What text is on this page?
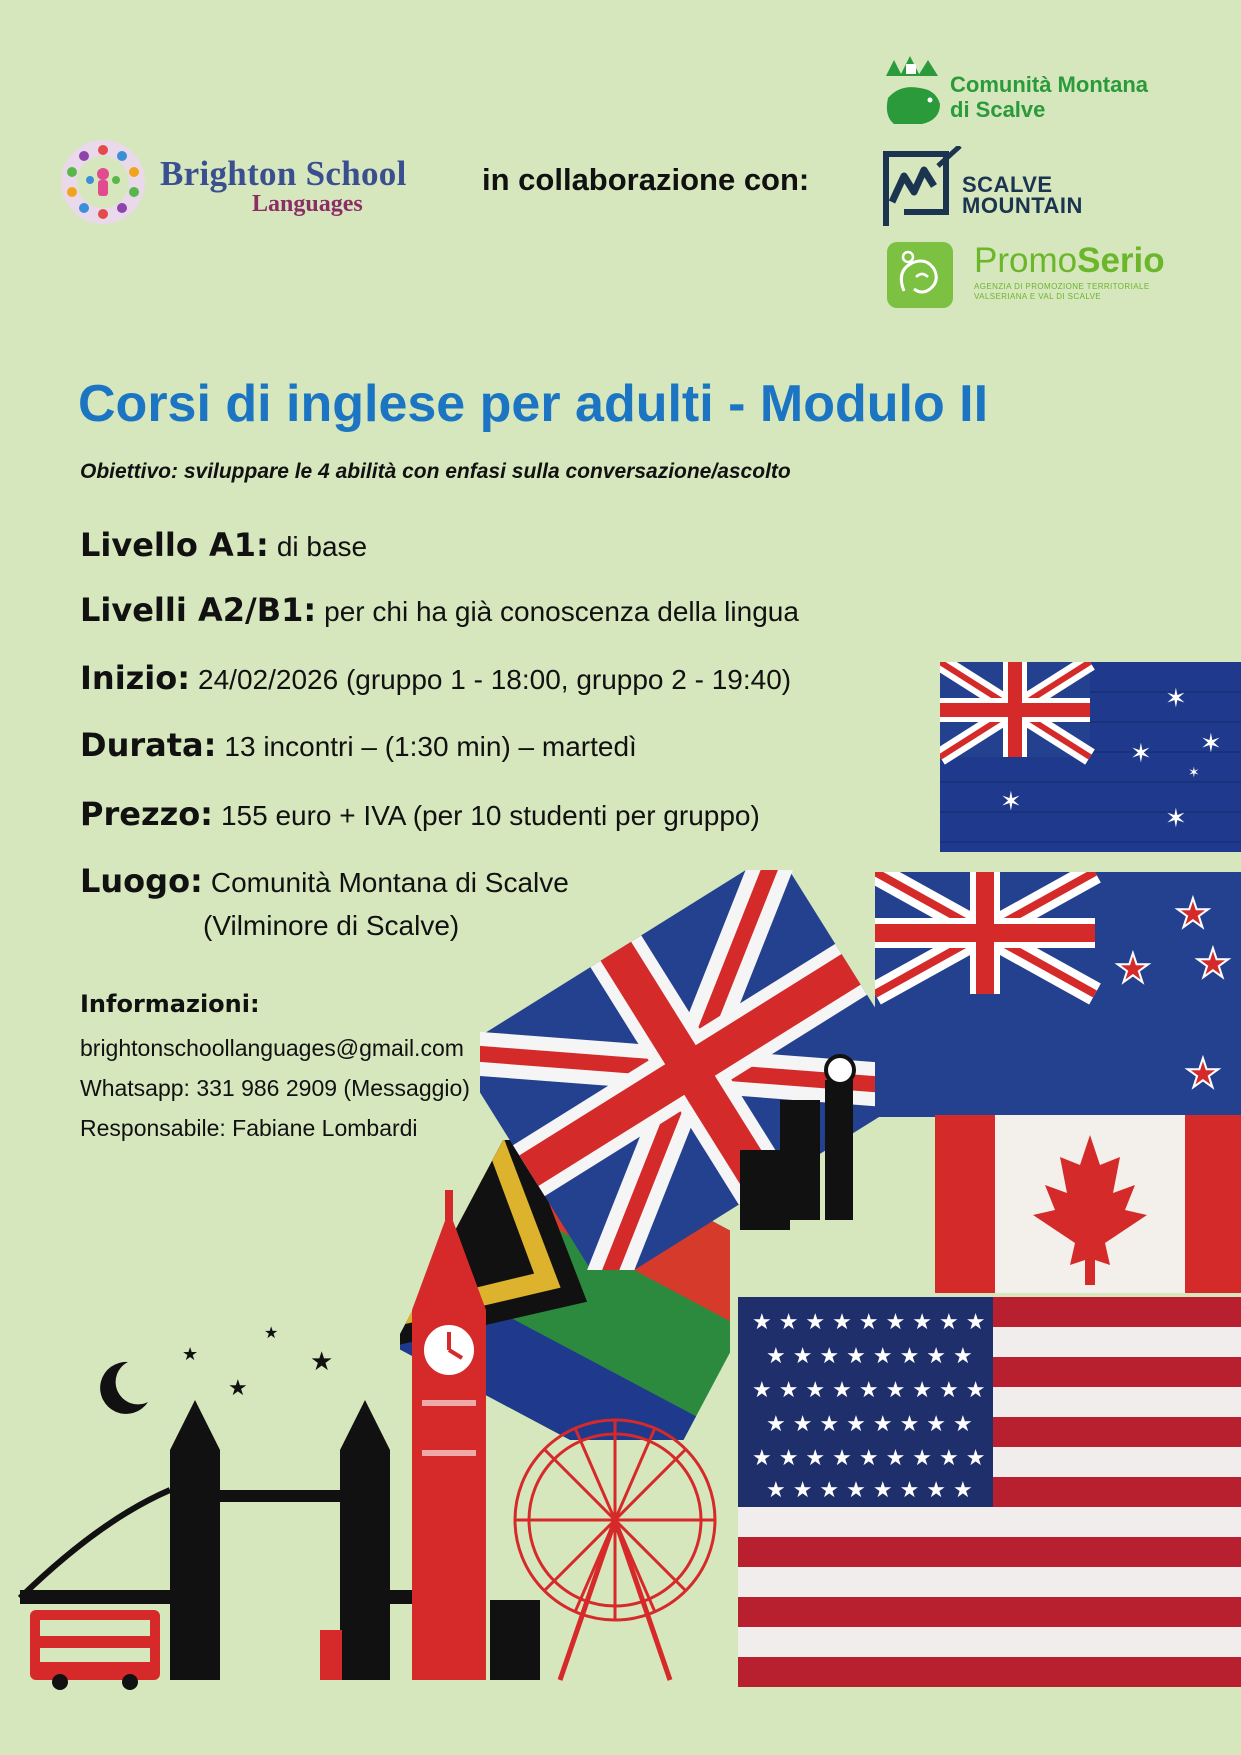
Brighton School
Languages
in collaborazione con:
Comunità Montana
di Scalve
SCALVE
MOUNTAIN
PromoSerio
AGENZIA DI PROMOZIONE TERRITORIALE
VALSERIANA E VAL DI SCALVE
Corsi di inglese per adulti - Modulo II
Obiettivo: sviluppare le 4 abilità con enfasi sulla conversazione/ascolto
Livello A1: di base
Livelli A2/B1: per chi ha già conoscenza della lingua
Inizio: 24/02/2026 (gruppo 1 - 18:00, gruppo 2 - 19:40)
Durata: 13 incontri – (1:30 min) – martedì
Prezzo: 155 euro + IVA (per 10 studenti per gruppo)
Luogo: Comunità Montana di Scalve
(Vilminore di Scalve)
Informazioni:
brightonschoollanguages@gmail.com
Whatsapp: 331 986 2909 (Messaggio)
Responsabile: Fabiane Lombardi
✶
✶
✶ ✶
✶
✶
★
★ ★
★
★ ★ ★ ★ ★ ★ ★ ★ ★
★ ★ ★ ★ ★ ★ ★ ★
★ ★ ★ ★ ★ ★ ★ ★ ★
★ ★ ★ ★ ★ ★ ★ ★
★ ★ ★ ★ ★ ★ ★ ★ ★
★ ★ ★ ★ ★ ★ ★ ★
★
★
★
★
